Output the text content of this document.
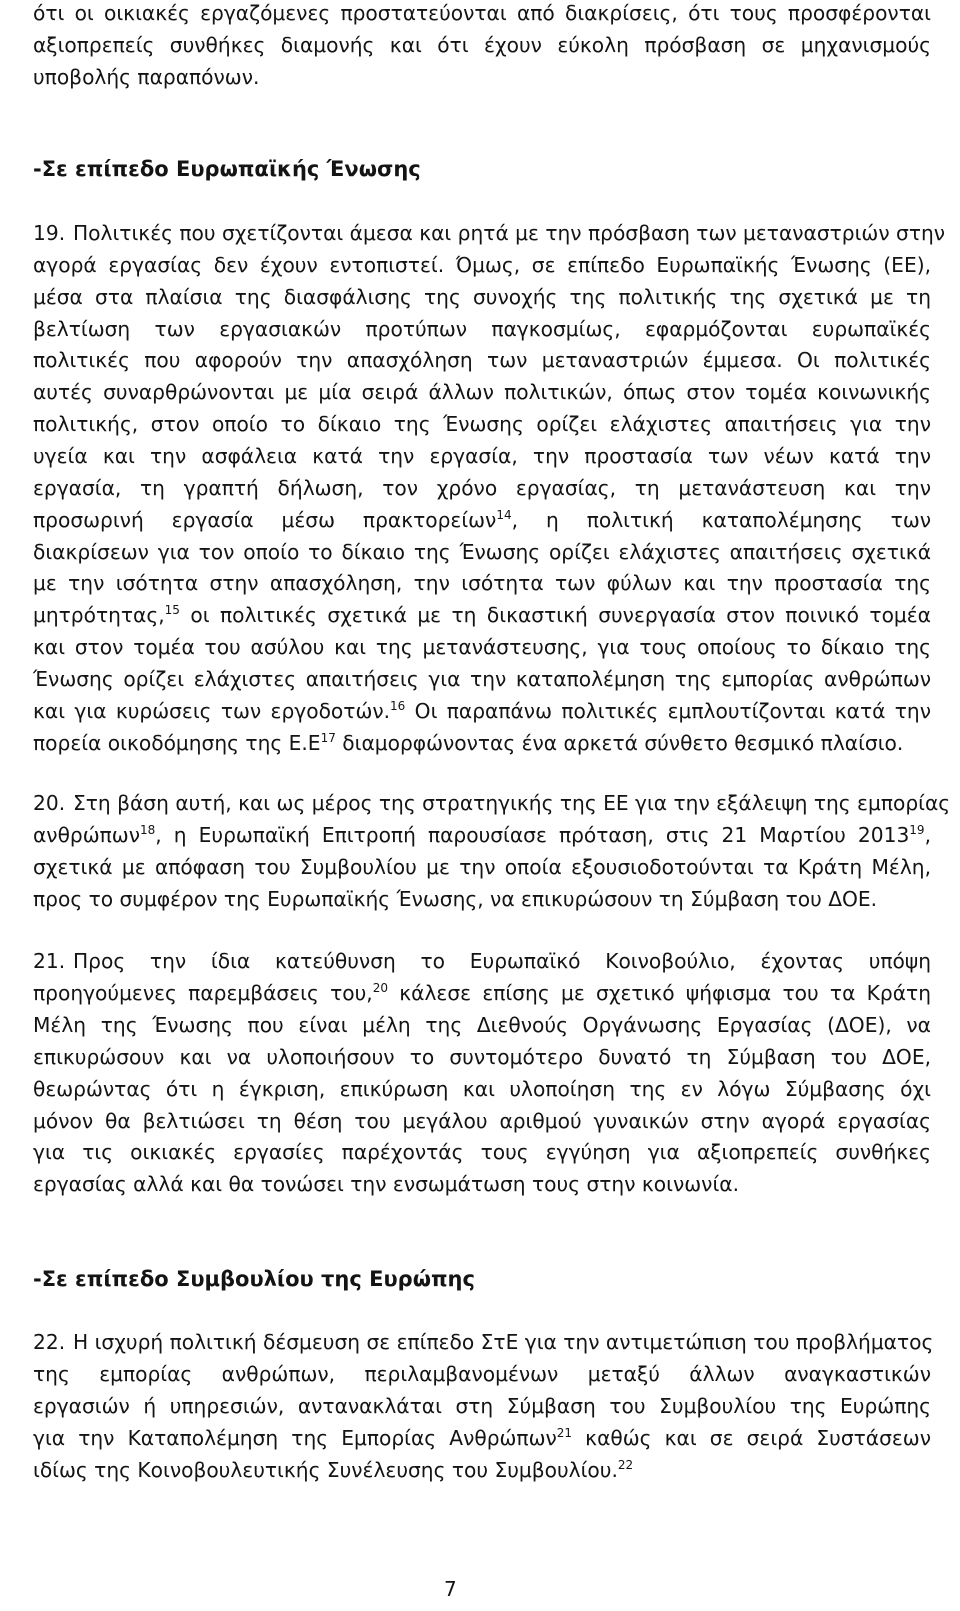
ότι οι οικιακές εργαζόμενες προστατεύονται από διακρίσεις, ότι τους προσφέρονται
αξιοπρεπείς συνθήκες διαμονής και ότι έχουν εύκολη πρόσβαση σε μηχανισμούς
υποβολής παραπόνων.
-Σε επίπεδο Ευρωπαϊκής Ένωσης
19. Πολιτικές που σχετίζονται άμεσα και ρητά με την πρόσβαση των μεταναστριών στην
αγορά εργασίας δεν έχουν εντοπιστεί. Όμως, σε επίπεδο Ευρωπαϊκής Ένωσης (ΕΕ),
μέσα στα πλαίσια της διασφάλισης της συνοχής της πολιτικής της σχετικά με τη
βελτίωση των εργασιακών προτύπων παγκοσμίως, εφαρμόζονται ευρωπαϊκές
πολιτικές που αφορούν την απασχόληση των μεταναστριών έμμεσα. Οι πολιτικές
αυτές συναρθρώνονται με μία σειρά άλλων πολιτικών, όπως στον τομέα κοινωνικής
πολιτικής, στον οποίο το δίκαιο της Ένωσης ορίζει ελάχιστες απαιτήσεις για την
υγεία και την ασφάλεια κατά την εργασία, την προστασία των νέων κατά την
εργασία, τη γραπτή δήλωση, τον χρόνο εργασίας, τη μετανάστευση και την
προσωρινή εργασία μέσω πρακτορείων$^{14}$, η πολιτική καταπολέμησης των
διακρίσεων για τον οποίο το δίκαιο της Ένωσης ορίζει ελάχιστες απαιτήσεις σχετικά
με την ισότητα στην απασχόληση, την ισότητα των φύλων και την προστασία της
μητρότητας,$^{15}$ οι πολιτικές σχετικά με τη δικαστική συνεργασία στον ποινικό τομέα
και στον τομέα του ασύλου και της μετανάστευσης, για τους οποίους το δίκαιο της
Ένωσης ορίζει ελάχιστες απαιτήσεις για την καταπολέμηση της εμπορίας ανθρώπων
και για κυρώσεις των εργοδοτών.$^{16}$ Οι παραπάνω πολιτικές εμπλουτίζονται κατά την
πορεία οικοδόμησης της $E.E^{17}$ διαμορφώνοντας ένα αρκετά σύνθετο θεσμικό πλαίσιο.
20. Στη βάση αυτή, και ως μέρος της στρατηγικής της ΕΕ για την εξάλειψη της εμπορίας
ανθρώπων$^{18}$, η Ευρωπαϊκή Επιτροπή παρουσίασε πρόταση, στις 21 Μαρτίου 2013$^{19}$,
σχετικά με απόφαση του Συμβουλίου με την οποία εξουσιοδοτούνται τα Κράτη Μέλη,
προς το συμφέρον της Ευρωπαϊκής Ένωσης, να επικυρώσουν τη Σύμβαση του ΔΟΕ.
21. Προς την ίδια κατεύθυνση το Ευρωπαϊκό Κοινοβούλιο, έχοντας υπόψη
προηγούμενες παρεμβάσεις του,$^{20}$ κάλεσε επίσης με σχετικό ψήφισμα του τα Κράτη
Μέλη της Ένωσης που είναι μέλη της Διεθνούς Οργάνωσης Εργασίας (ΔΟΕ), να
επικυρώσουν και να υλοποιήσουν το συντομότερο δυνατό τη Σύμβαση του ΔΟΕ,
θεωρώντας ότι η έγκριση, επικύρωση και υλοποίηση της εν λόγω Σύμβασης όχι
μόνον θα βελτιώσει τη θέση του μεγάλου αριθμού γυναικών στην αγορά εργασίας
για τις οικιακές εργασίες παρέχοντάς τους εγγύηση για αξιοπρεπείς συνθήκες
εργασίας αλλά και θα τονώσει την ενσωμάτωση τους στην κοινωνία.
-Σε επίπεδο Συμβουλίου της Ευρώπης
22. Η ισχυρή πολιτική δέσμευση σε επίπεδο ΣτΕ για την αντιμετώπιση του προβλήματος
της εμπορίας ανθρώπων, περιλαμβανομένων μεταξύ άλλων αναγκαστικών
εργασιών ή υπηρεσιών, αντανακλάται στη Σύμβαση του Συμβουλίου της Ευρώπης
για την Καταπολέμηση της Εμπορίας Ανθρώπων$^{21}$ καθώς και σε σειρά Συστάσεων
ιδίως της Κοινοβουλευτικής Συνέλευσης του Συμβουλίου.$^{22}$
7
